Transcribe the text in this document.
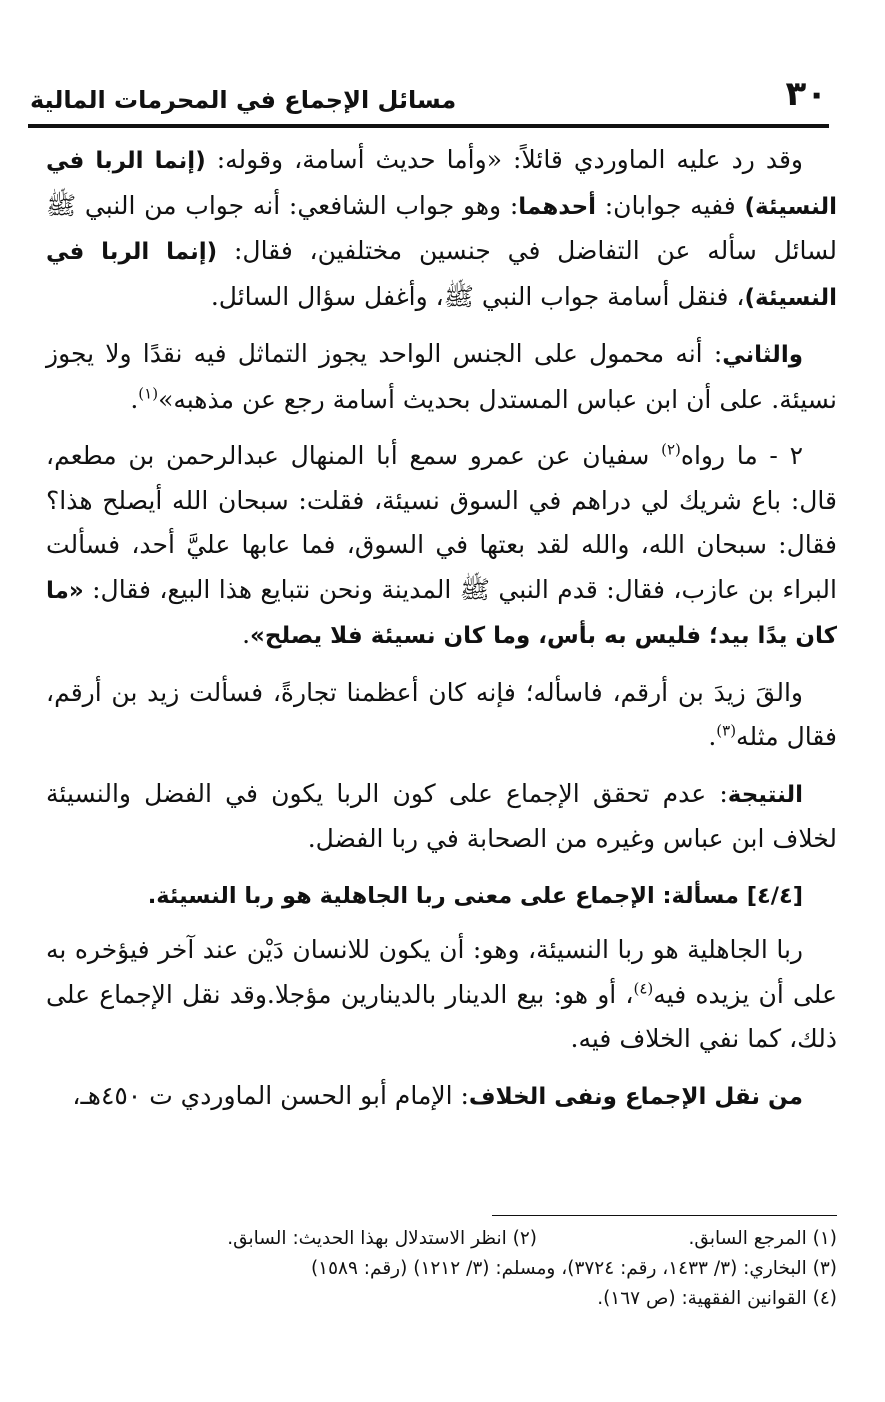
٣٠
مسائل الإجماع في المحرمات المالية

وقد رد عليه الماوردي قائلاً: «وأما حديث أسامة، وقوله: (إنما الربا في النسيئة) ففيه جوابان: أحدهما: وهو جواب الشافعي: أنه جواب من النبي ﷺ لسائل سأله عن التفاضل في جنسين مختلفين، فقال: (إنما الربا في النسيئة)، فنقل أسامة جواب النبي ﷺ، وأغفل سؤال السائل.

والثاني: أنه محمول على الجنس الواحد يجوز التماثل فيه نقدًا ولا يجوز نسيئة. على أن ابن عباس المستدل بحديث أسامة رجع عن مذهبه»$^{(١)}$.

٢ - ما رواه$^{(٢)}$ سفيان عن عمرو سمع أبا المنهال عبدالرحمن بن مطعم، قال: باع شريك لي دراهم في السوق نسيئة، فقلت: سبحان الله أيصلح هذا؟ فقال: سبحان الله، والله لقد بعتها في السوق، فما عابها عليَّ أحد، فسألت البراء بن عازب، فقال: قدم النبي ﷺ المدينة ونحن نتبايع هذا البيع، فقال: «ما كان يدًا بيد؛ فليس به بأس، وما كان نسيئة فلا يصلح».

والقَ زيدَ بن أرقم، فاسأله؛ فإنه كان أعظمنا تجارةً، فسألت زيد بن أرقم، فقال مثله$^{(٣)}$.

النتيجة: عدم تحقق الإجماع على كون الربا يكون في الفضل والنسيئة لخلاف ابن عباس وغيره من الصحابة في ربا الفضل.

[٤/٤] مسألة: الإجماع على معنى ربا الجاهلية هو ربا النسيئة.

ربا الجاهلية هو ربا النسيئة، وهو: أن يكون للانسان دَيْن عند آخر فيؤخره به على أن يزيده فيه$^{(٤)}$، أو هو: بيع الدينار بالدينارين مؤجلا.وقد نقل الإجماع على ذلك، كما نفي الخلاف فيه.

من نقل الإجماع ونفى الخلاف: الإمام أبو الحسن الماوردي ت ٤٥٠هـ،

(١) المرجع السابق.
(٢) انظر الاستدلال بهذا الحديث: السابق.
(٣) البخاري: (٣/ ١٤٣٣، رقم: ٣٧٢٤)، ومسلم: (٣/ ١٢١٢) (رقم: ١٥٨٩)
(٤) القوانين الفقهية: (ص ١٦٧).
